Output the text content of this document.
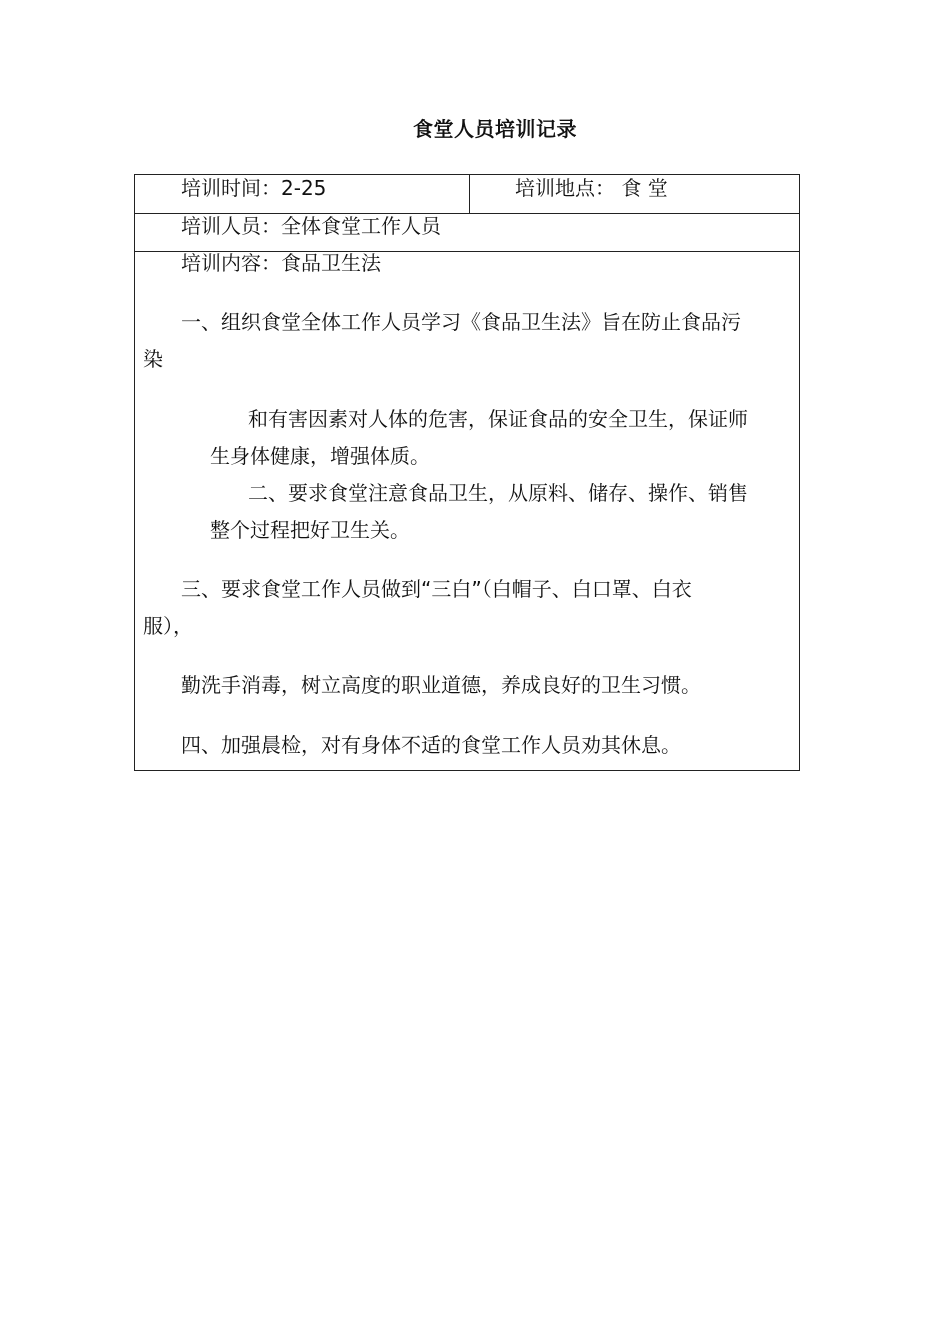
食堂人员培训记录
培训时间：2-25	培训地点： 食 堂
培训人员：全体食堂工作人员
培训内容：食品卫生法
一、组织食堂全体工作人员学习《食品卫生法》旨在防止食品污
染
和有害因素对人体的危害，保证食品的安全卫生，保证师
生身体健康，增强体质。
二、要求食堂注意食品卫生，从原料、储存、操作、销售
整个过程把好卫生关。
三、要求食堂工作人员做到“三白”（白帽子、白口罩、白衣
服），
勤洗手消毒，树立高度的职业道德，养成良好的卫生习惯。
四、加强晨检，对有身体不适的食堂工作人员劝其休息。
